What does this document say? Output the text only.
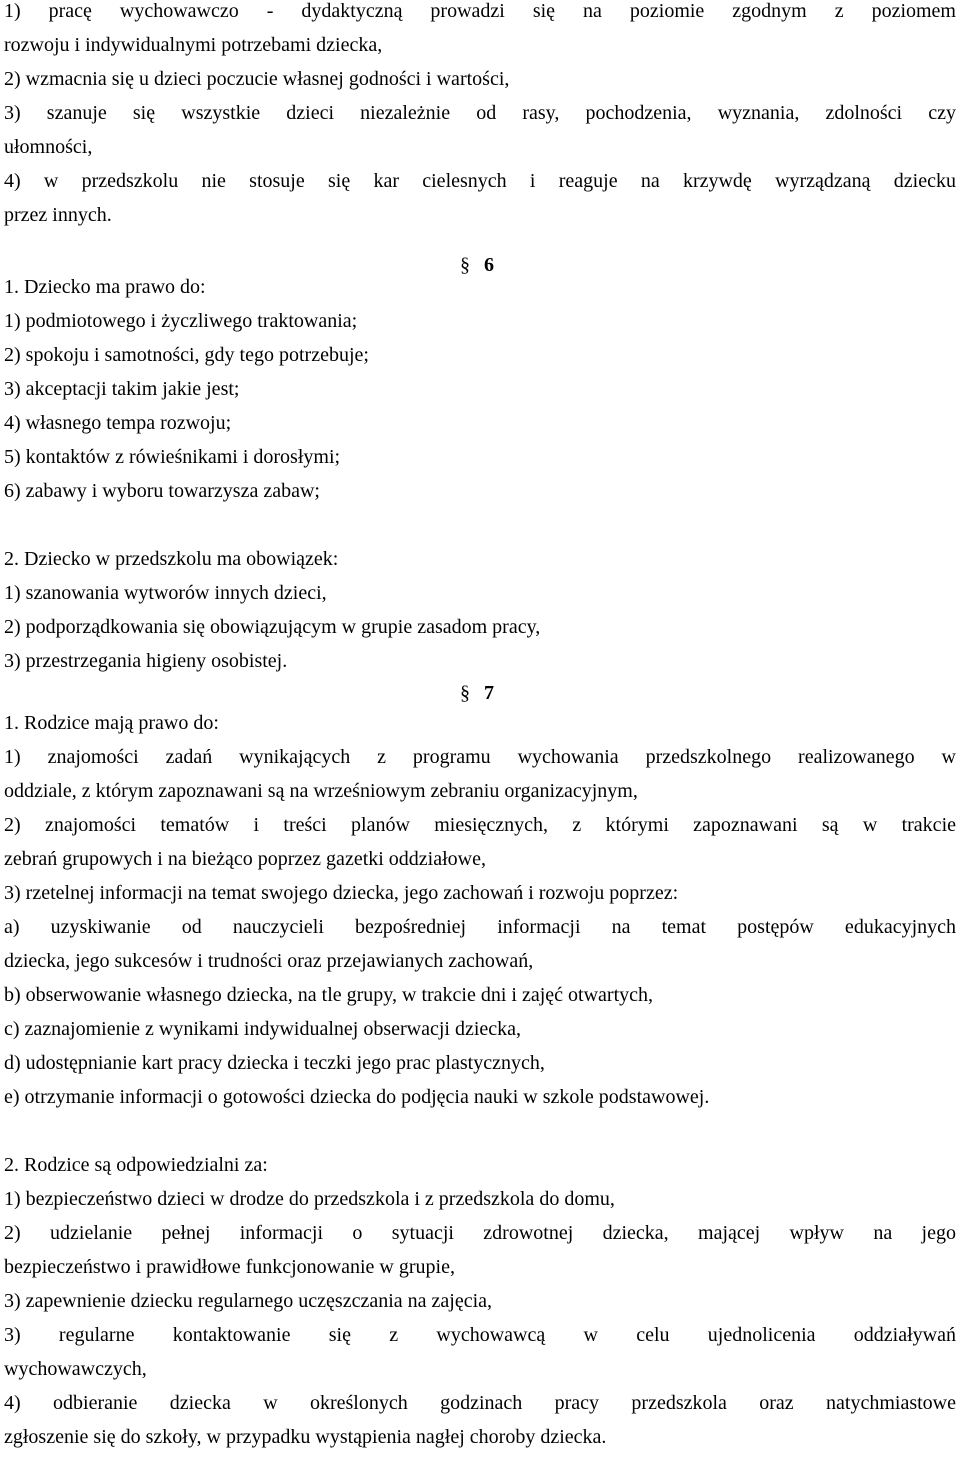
1) pracę wychowawczo - dydaktyczną prowadzi się na poziomie zgodnym z poziomem
rozwoju i indywidualnymi potrzebami dziecka,
2) wzmacnia się u dzieci poczucie własnej godności i wartości,
3) szanuje się wszystkie dzieci niezależnie od rasy, pochodzenia, wyznania, zdolności czy
ułomności,
4) w przedszkolu nie stosuje się kar cielesnych i reaguje na krzywdę wyrządzaną dziecku
przez innych.
§ 6
1. Dziecko ma prawo do:
1) podmiotowego i życzliwego traktowania;
2) spokoju i samotności, gdy tego potrzebuje;
3) akceptacji takim jakie jest;
4) własnego tempa rozwoju;
5) kontaktów z rówieśnikami i dorosłymi;
6) zabawy i wyboru towarzysza zabaw;
2. Dziecko w przedszkolu ma obowiązek:
1) szanowania wytworów innych dzieci,
2) podporządkowania się obowiązującym w grupie zasadom pracy,
3) przestrzegania higieny osobistej.
§ 7
1. Rodzice mają prawo do:
1) znajomości zadań wynikających z programu wychowania przedszkolnego realizowanego w
oddziale, z którym zapoznawani są na wrześniowym zebraniu organizacyjnym,
2) znajomości tematów i treści planów miesięcznych, z którymi zapoznawani są w trakcie
zebrań grupowych i na bieżąco poprzez gazetki oddziałowe,
3) rzetelnej informacji na temat swojego dziecka, jego zachowań i rozwoju poprzez:
a) uzyskiwanie od nauczycieli bezpośredniej informacji na temat postępów edukacyjnych
dziecka, jego sukcesów i trudności oraz przejawianych zachowań,
b) obserwowanie własnego dziecka, na tle grupy, w trakcie dni i zajęć otwartych,
c) zaznajomienie z wynikami indywidualnej obserwacji dziecka,
d) udostępnianie kart pracy dziecka i teczki jego prac plastycznych,
e) otrzymanie informacji o gotowości dziecka do podjęcia nauki w szkole podstawowej.
2. Rodzice są odpowiedzialni za:
1) bezpieczeństwo dzieci w drodze do przedszkola i z przedszkola do domu,
2) udzielanie pełnej informacji o sytuacji zdrowotnej dziecka, mającej wpływ na jego
bezpieczeństwo i prawidłowe funkcjonowanie w grupie,
3) zapewnienie dziecku regularnego uczęszczania na zajęcia,
3) regularne kontaktowanie się z wychowawcą w celu ujednolicenia oddziaływań
wychowawczych,
4) odbieranie dziecka w określonych godzinach pracy przedszkola oraz natychmiastowe
zgłoszenie się do szkoły, w przypadku wystąpienia nagłej choroby dziecka.
